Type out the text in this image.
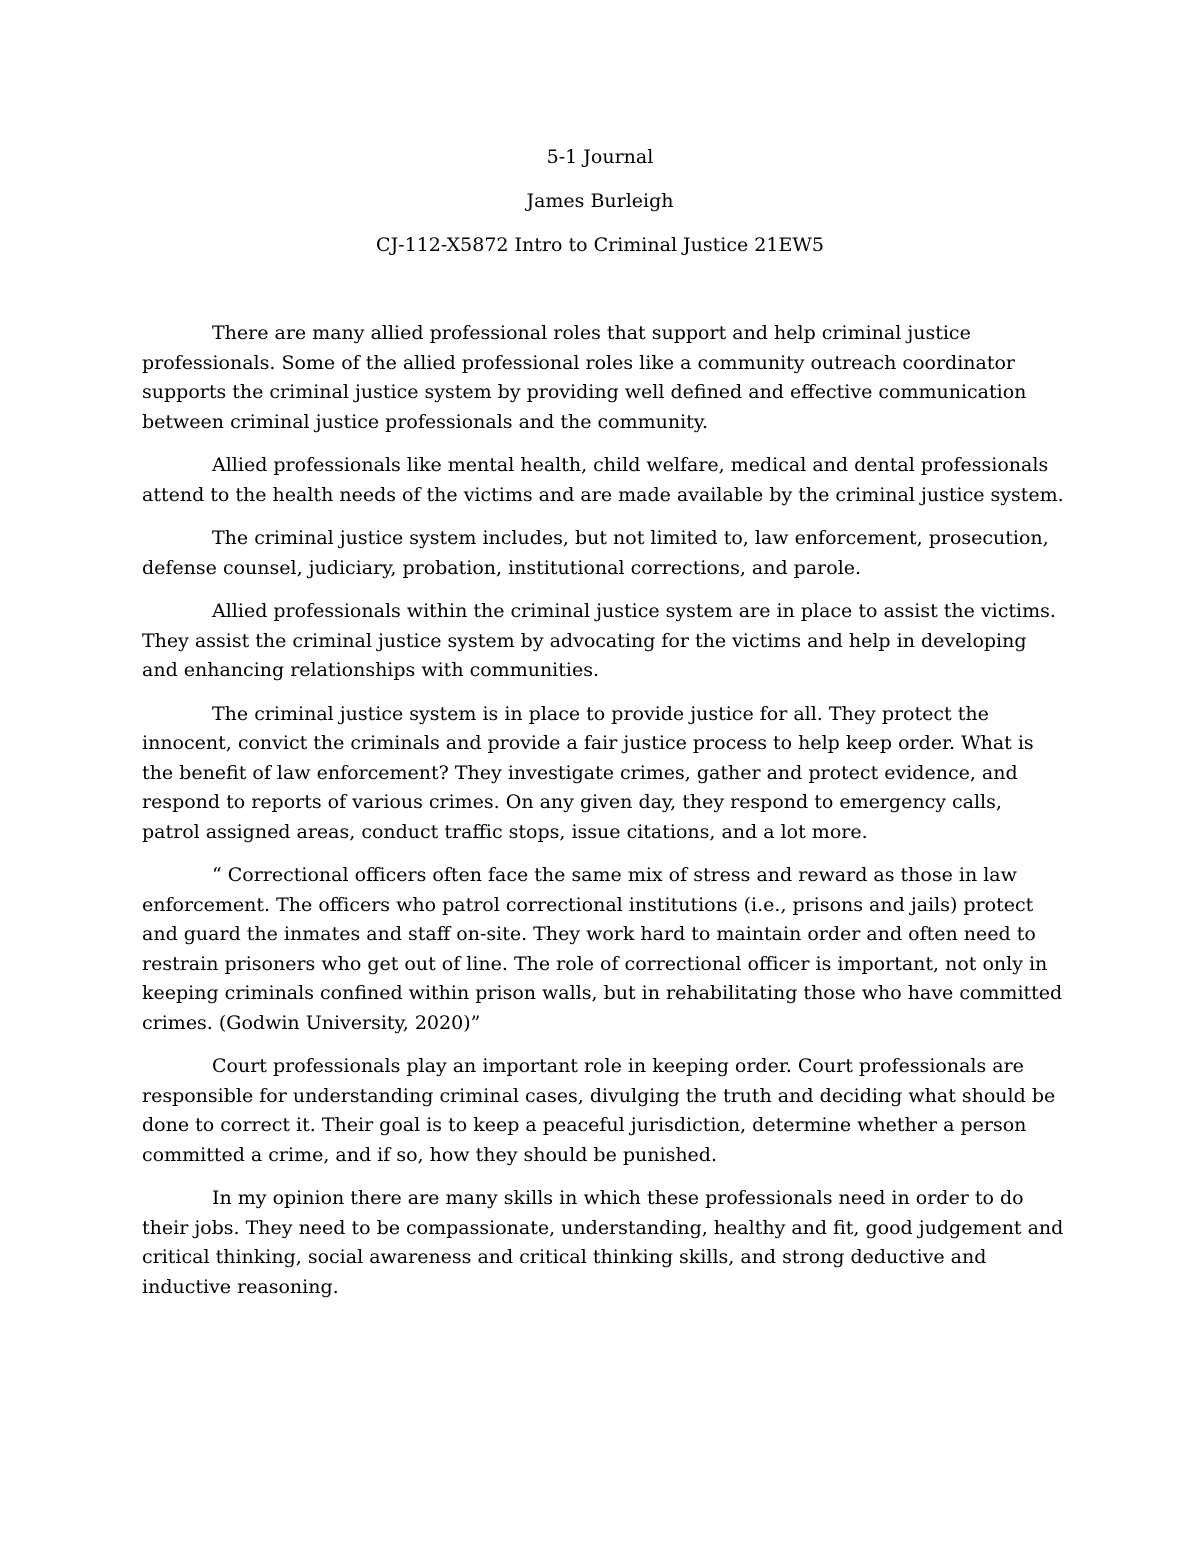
5-1 Journal
James Burleigh
CJ-112-X5872 Intro to Criminal Justice 21EW5

There are many allied professional roles that support and help criminal justice professionals. Some of the allied professional roles like a community outreach coordinator supports the criminal justice system by providing well defined and effective communication between criminal justice professionals and the community.

Allied professionals like mental health, child welfare, medical and dental professionals attend to the health needs of the victims and are made available by the criminal justice system.

The criminal justice system includes, but not limited to, law enforcement, prosecution, defense counsel, judiciary, probation, institutional corrections, and parole.

Allied professionals within the criminal justice system are in place to assist the victims. They assist the criminal justice system by advocating for the victims and help in developing and enhancing relationships with communities.

The criminal justice system is in place to provide justice for all. They protect the innocent, convict the criminals and provide a fair justice process to help keep order. What is the benefit of law enforcement? They investigate crimes, gather and protect evidence, and respond to reports of various crimes. On any given day, they respond to emergency calls, patrol assigned areas, conduct traffic stops, issue citations, and a lot more.

“ Correctional officers often face the same mix of stress and reward as those in law enforcement. The officers who patrol correctional institutions (i.e., prisons and jails) protect and guard the inmates and staff on-site. They work hard to maintain order and often need to restrain prisoners who get out of line. The role of correctional officer is important, not only in keeping criminals confined within prison walls, but in rehabilitating those who have committed crimes. (Godwin University, 2020)”

Court professionals play an important role in keeping order. Court professionals are responsible for understanding criminal cases, divulging the truth and deciding what should be done to correct it. Their goal is to keep a peaceful jurisdiction, determine whether a person committed a crime, and if so, how they should be punished.

In my opinion there are many skills in which these professionals need in order to do their jobs. They need to be compassionate, understanding, healthy and fit, good judgement and critical thinking, social awareness and critical thinking skills, and strong deductive and inductive reasoning.
